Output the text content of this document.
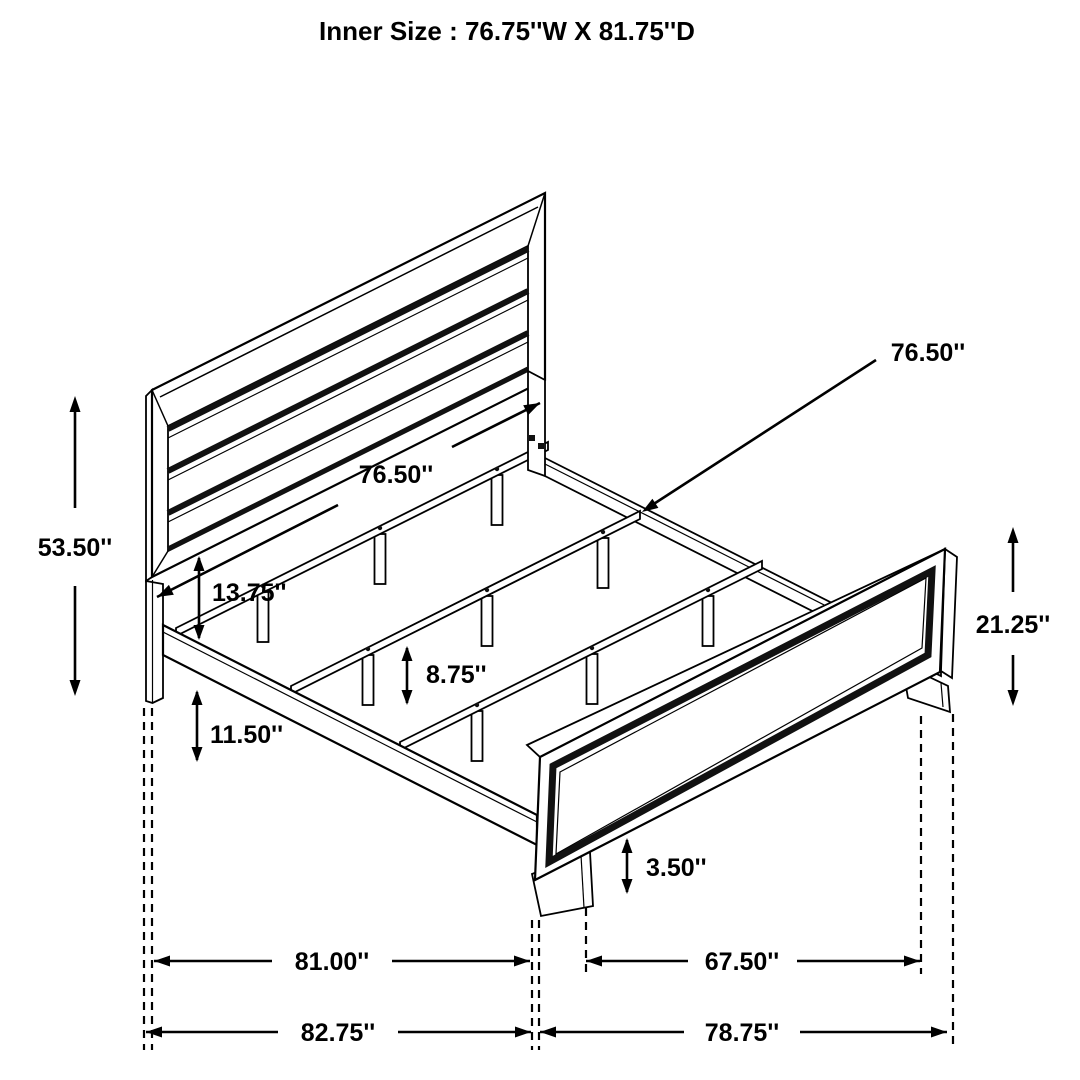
53.50''
76.50''
76.50''
13.75''
11.50''
8.75''
21.25''
3.50''
81.00''	67.50''
82.75''	78.75''
Inner Size : 76.75''W X 81.75''D
